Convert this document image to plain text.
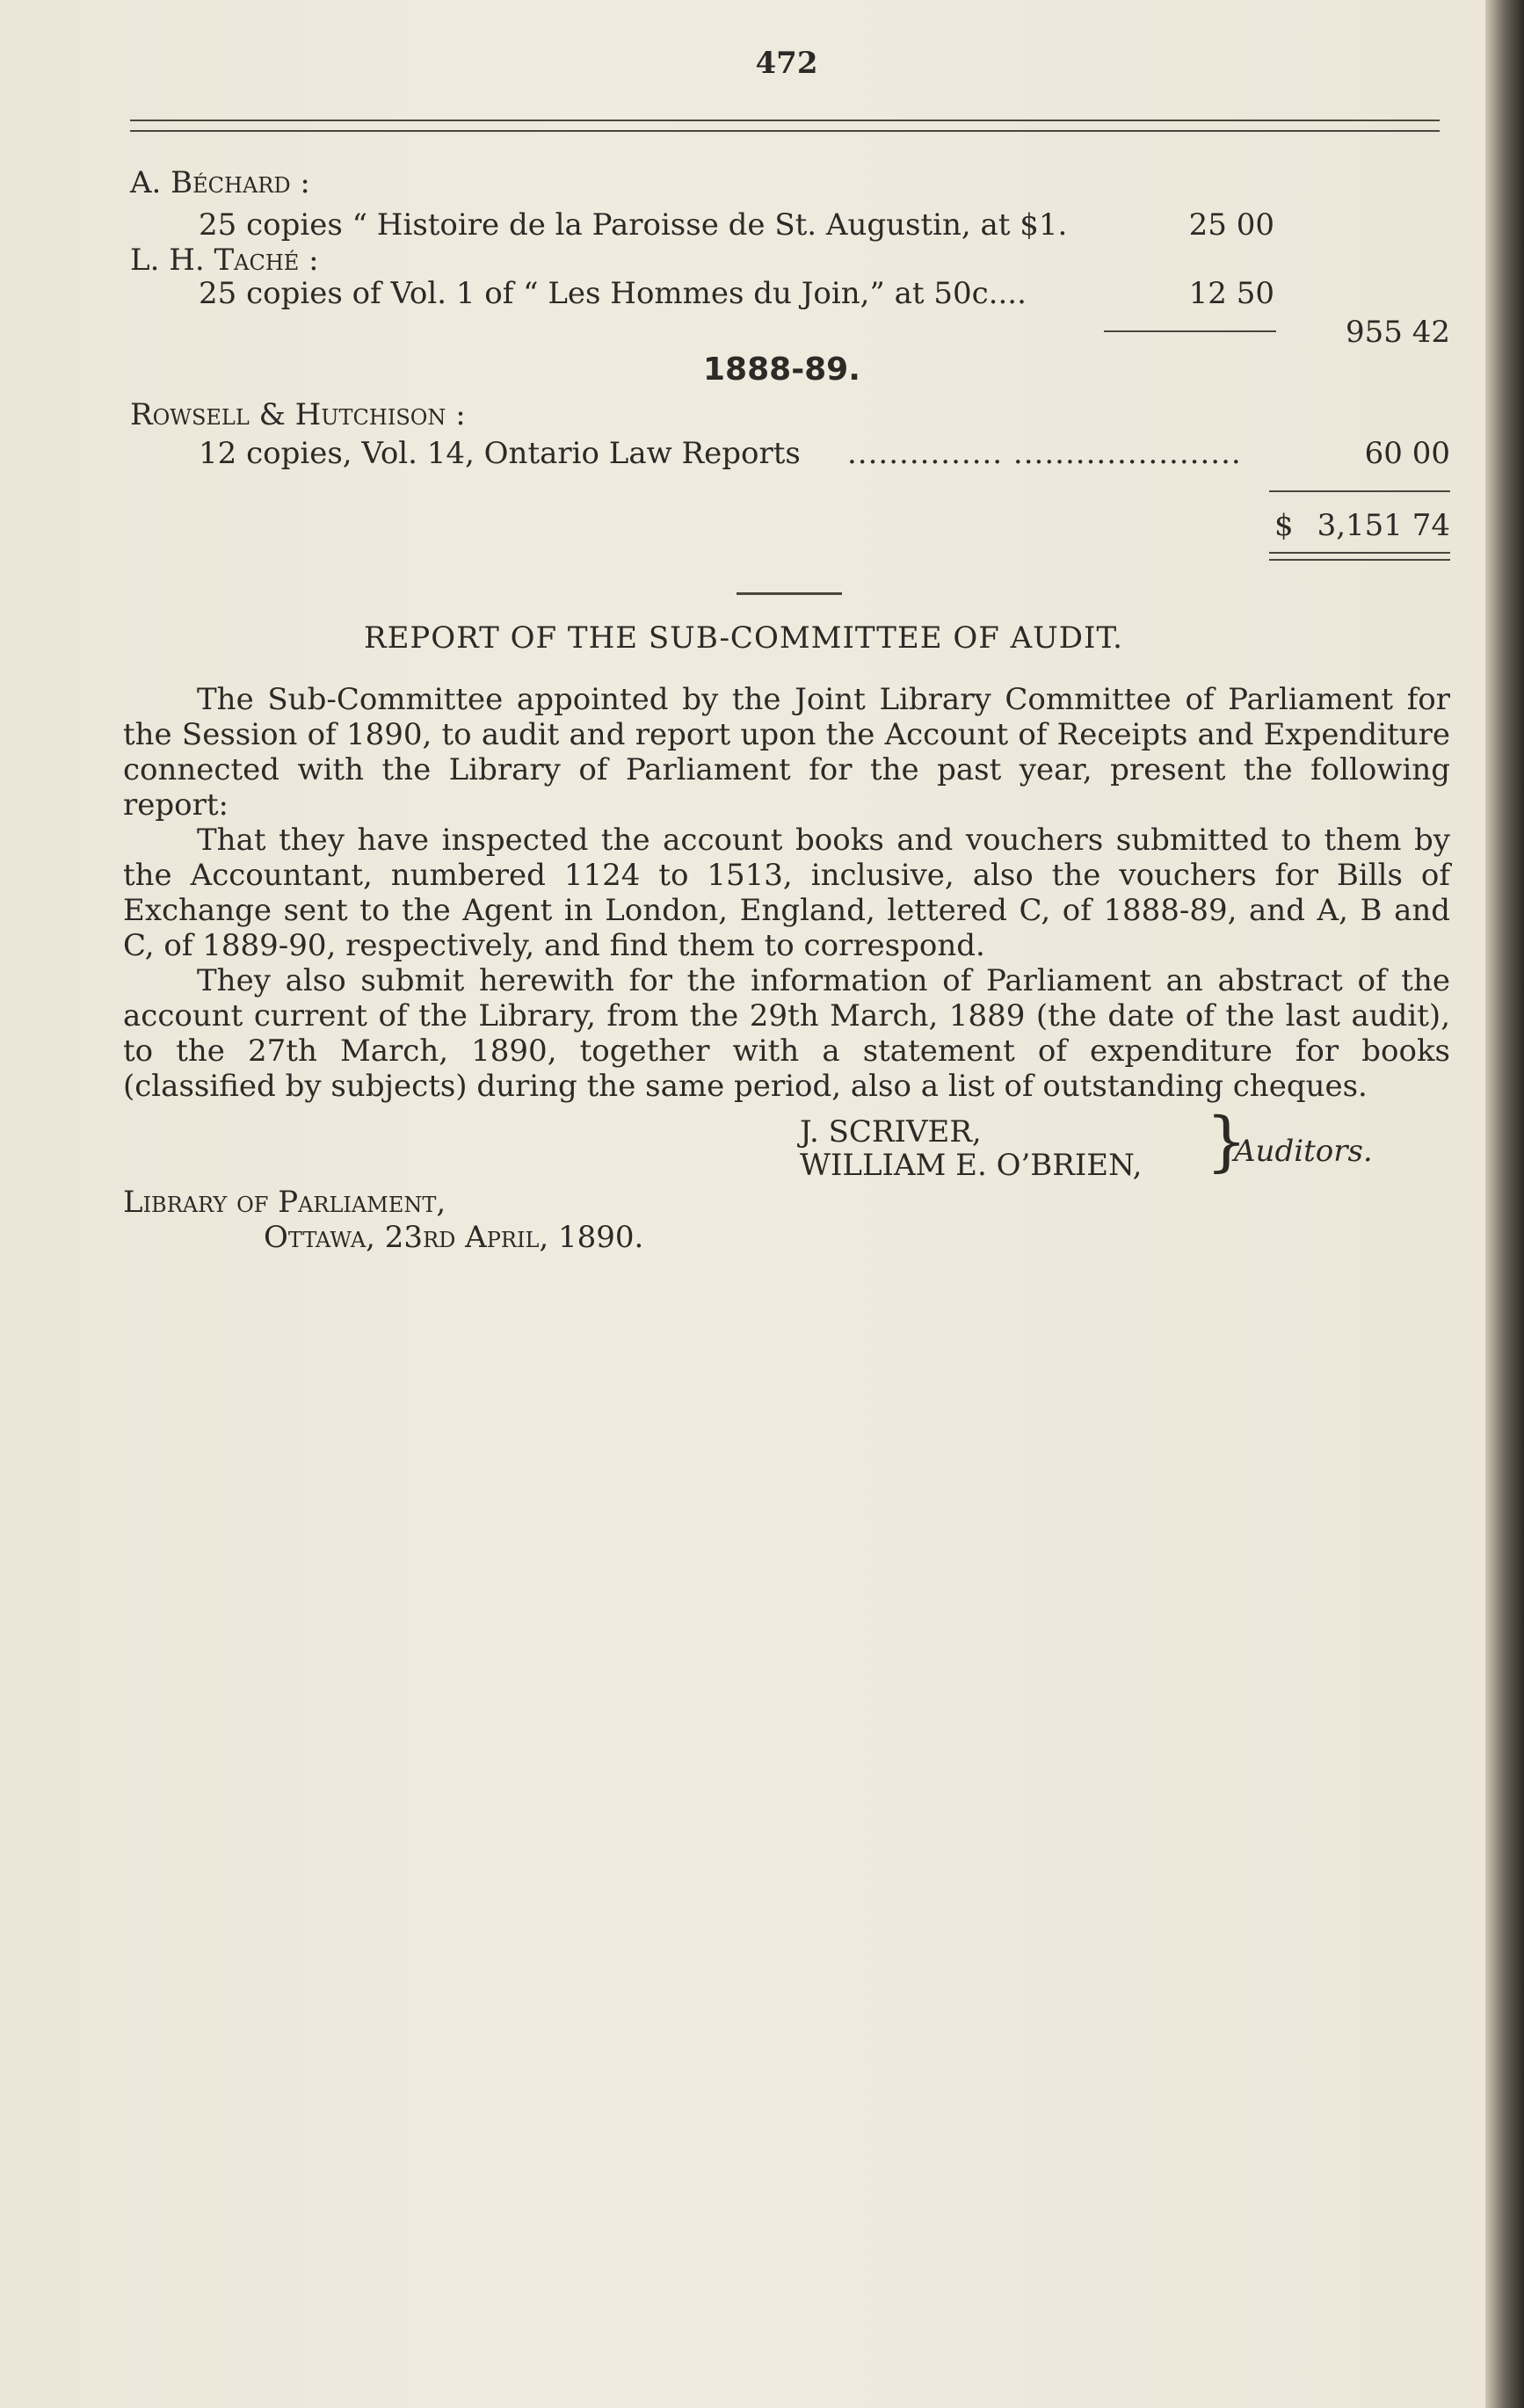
472
A. Béchard :
25 copies “ Histoire de la Paroisse de St. Augustin, at $1.	25 00
L. H. Taché :
25 copies of Vol. 1 of “ Les Hommes du Join,” at 50c....	12 50
955 42
1888-89.
Rowsell & Hutchison :
12 copies, Vol. 14, Ontario Law Reports ............... ......................	60 00
$ 3,151 74
REPORT OF THE SUB-COMMITTEE OF AUDIT.

The Sub-Committee appointed by the Joint Library Committee of Parliament for the Session of 1890, to audit and report upon the Account of Receipts and Expenditure connected with the Library of Parliament for the past year, present the following report:

That they have inspected the account books and vouchers submitted to them by the Accountant, numbered 1124 to 1513, inclusive, also the vouchers for Bills of Exchange sent to the Agent in London, England, lettered C, of 1888-89, and A, B and C, of 1889-90, respectively, and find them to correspond.

They also submit herewith for the information of Parliament an abstract of the account current of the Library, from the 29th March, 1889 (the date of the last audit), to the 27th March, 1890, together with a statement of expenditure for books (classified by subjects) during the same period, also a list of outstanding cheques.

J. SCRIVER,
WILLIAM E. O’BRIEN, }
Auditors.
Library of Parliament,
Ottawa, 23rd April, 1890.
